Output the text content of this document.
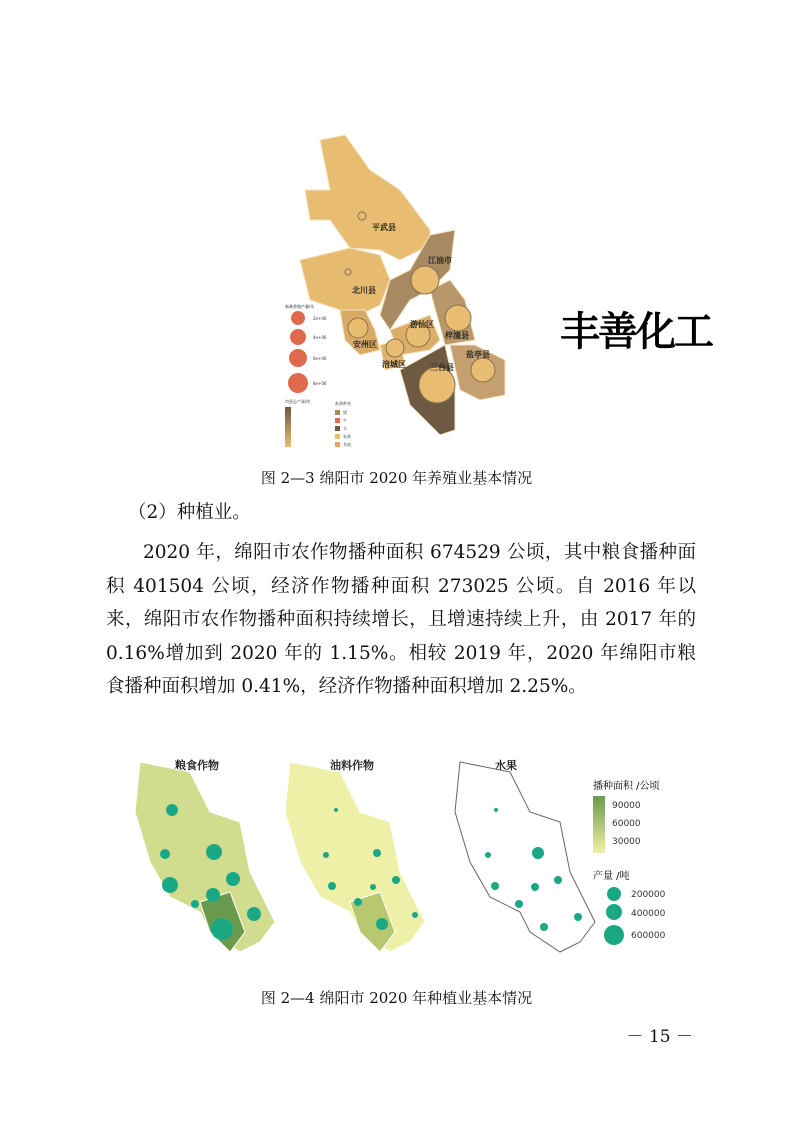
平武县
江油市
北川县
游仙区
梓潼县
安州区
涪城区	三台县
盐亭县
畜禽养殖产量/头
2e+06
4e+06
6e+06
8e+06
肉蛋总产量/吨	畜禽种类
猪
牛
羊
家禽
其他
图 2—3 绵阳市 2020 年养殖业基本情况
（2）种植业。

2020 年，绵阳市农作物播种面积 674529 公顷，其中粮食播种面积 401504 公顷，经济作物播种面积 273025 公顷。自 2016 年以来，绵阳市农作物播种面积持续增长，且增速持续上升，由 2017 年的 0.16%增加到 2020 年的 1.15%。相较 2019 年，2020 年绵阳市粮食播种面积增加 0.41%，经济作物播种面积增加 2.25%。

丰善化工
粮食作物	油料作物	水果
播种面积 /公顷
90000
60000
30000
产量 /吨
200000
400000
600000
图 2—4 绵阳市 2020 年种植业基本情况
－ 15 －
